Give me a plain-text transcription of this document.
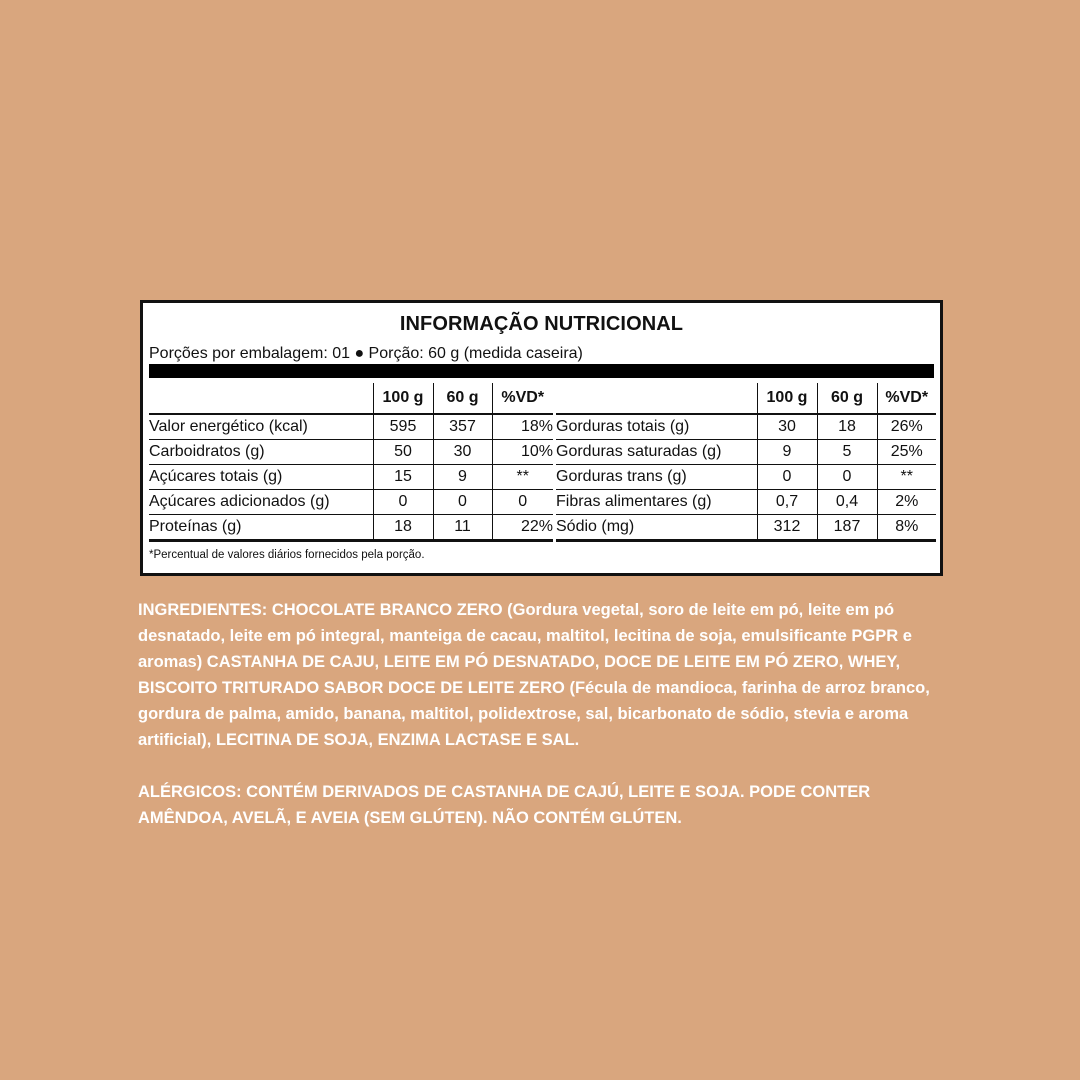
INFORMAÇÃO NUTRICIONAL
Porções por embalagem: 01 ● Porção: 60 g (medida caseira)
	100 g	60 g	%VD*
Valor energético (kcal)	595	357	18%
Carboidratos (g)	50	30	10%
Açúcares totais (g)	15	9	**
Açúcares adicionados (g)	0	0	0
Proteínas (g)	18	11	22%
	100 g	60 g	%VD*
Gorduras totais (g)	30	18	26%
Gorduras saturadas (g)	9	5	25%
Gorduras trans (g)	0	0	**
Fibras alimentares (g)	0,7	0,4	2%
Sódio (mg)	312	187	8%
*Percentual de valores diários fornecidos pela porção.

INGREDIENTES: CHOCOLATE BRANCO ZERO (Gordura vegetal, soro de leite em pó, leite em pó desnatado, leite em pó integral, manteiga de cacau, maltitol, lecitina de soja, emulsificante PGPR e aromas) CASTANHA DE CAJU, LEITE EM PÓ DESNATADO, DOCE DE LEITE EM PÓ ZERO, WHEY, BISCOITO TRITURADO SABOR DOCE DE LEITE ZERO (Fécula de mandioca, farinha de arroz branco, gordura de palma, amido, banana, maltitol, polidextrose, sal, bicarbonato de sódio, stevia e aroma artificial), LECITINA DE SOJA, ENZIMA LACTASE E SAL.

ALÉRGICOS: CONTÉM DERIVADOS DE CASTANHA DE CAJÚ, LEITE E SOJA. PODE CONTER AMÊNDOA, AVELÃ, E AVEIA (SEM GLÚTEN). NÃO CONTÉM GLÚTEN.
